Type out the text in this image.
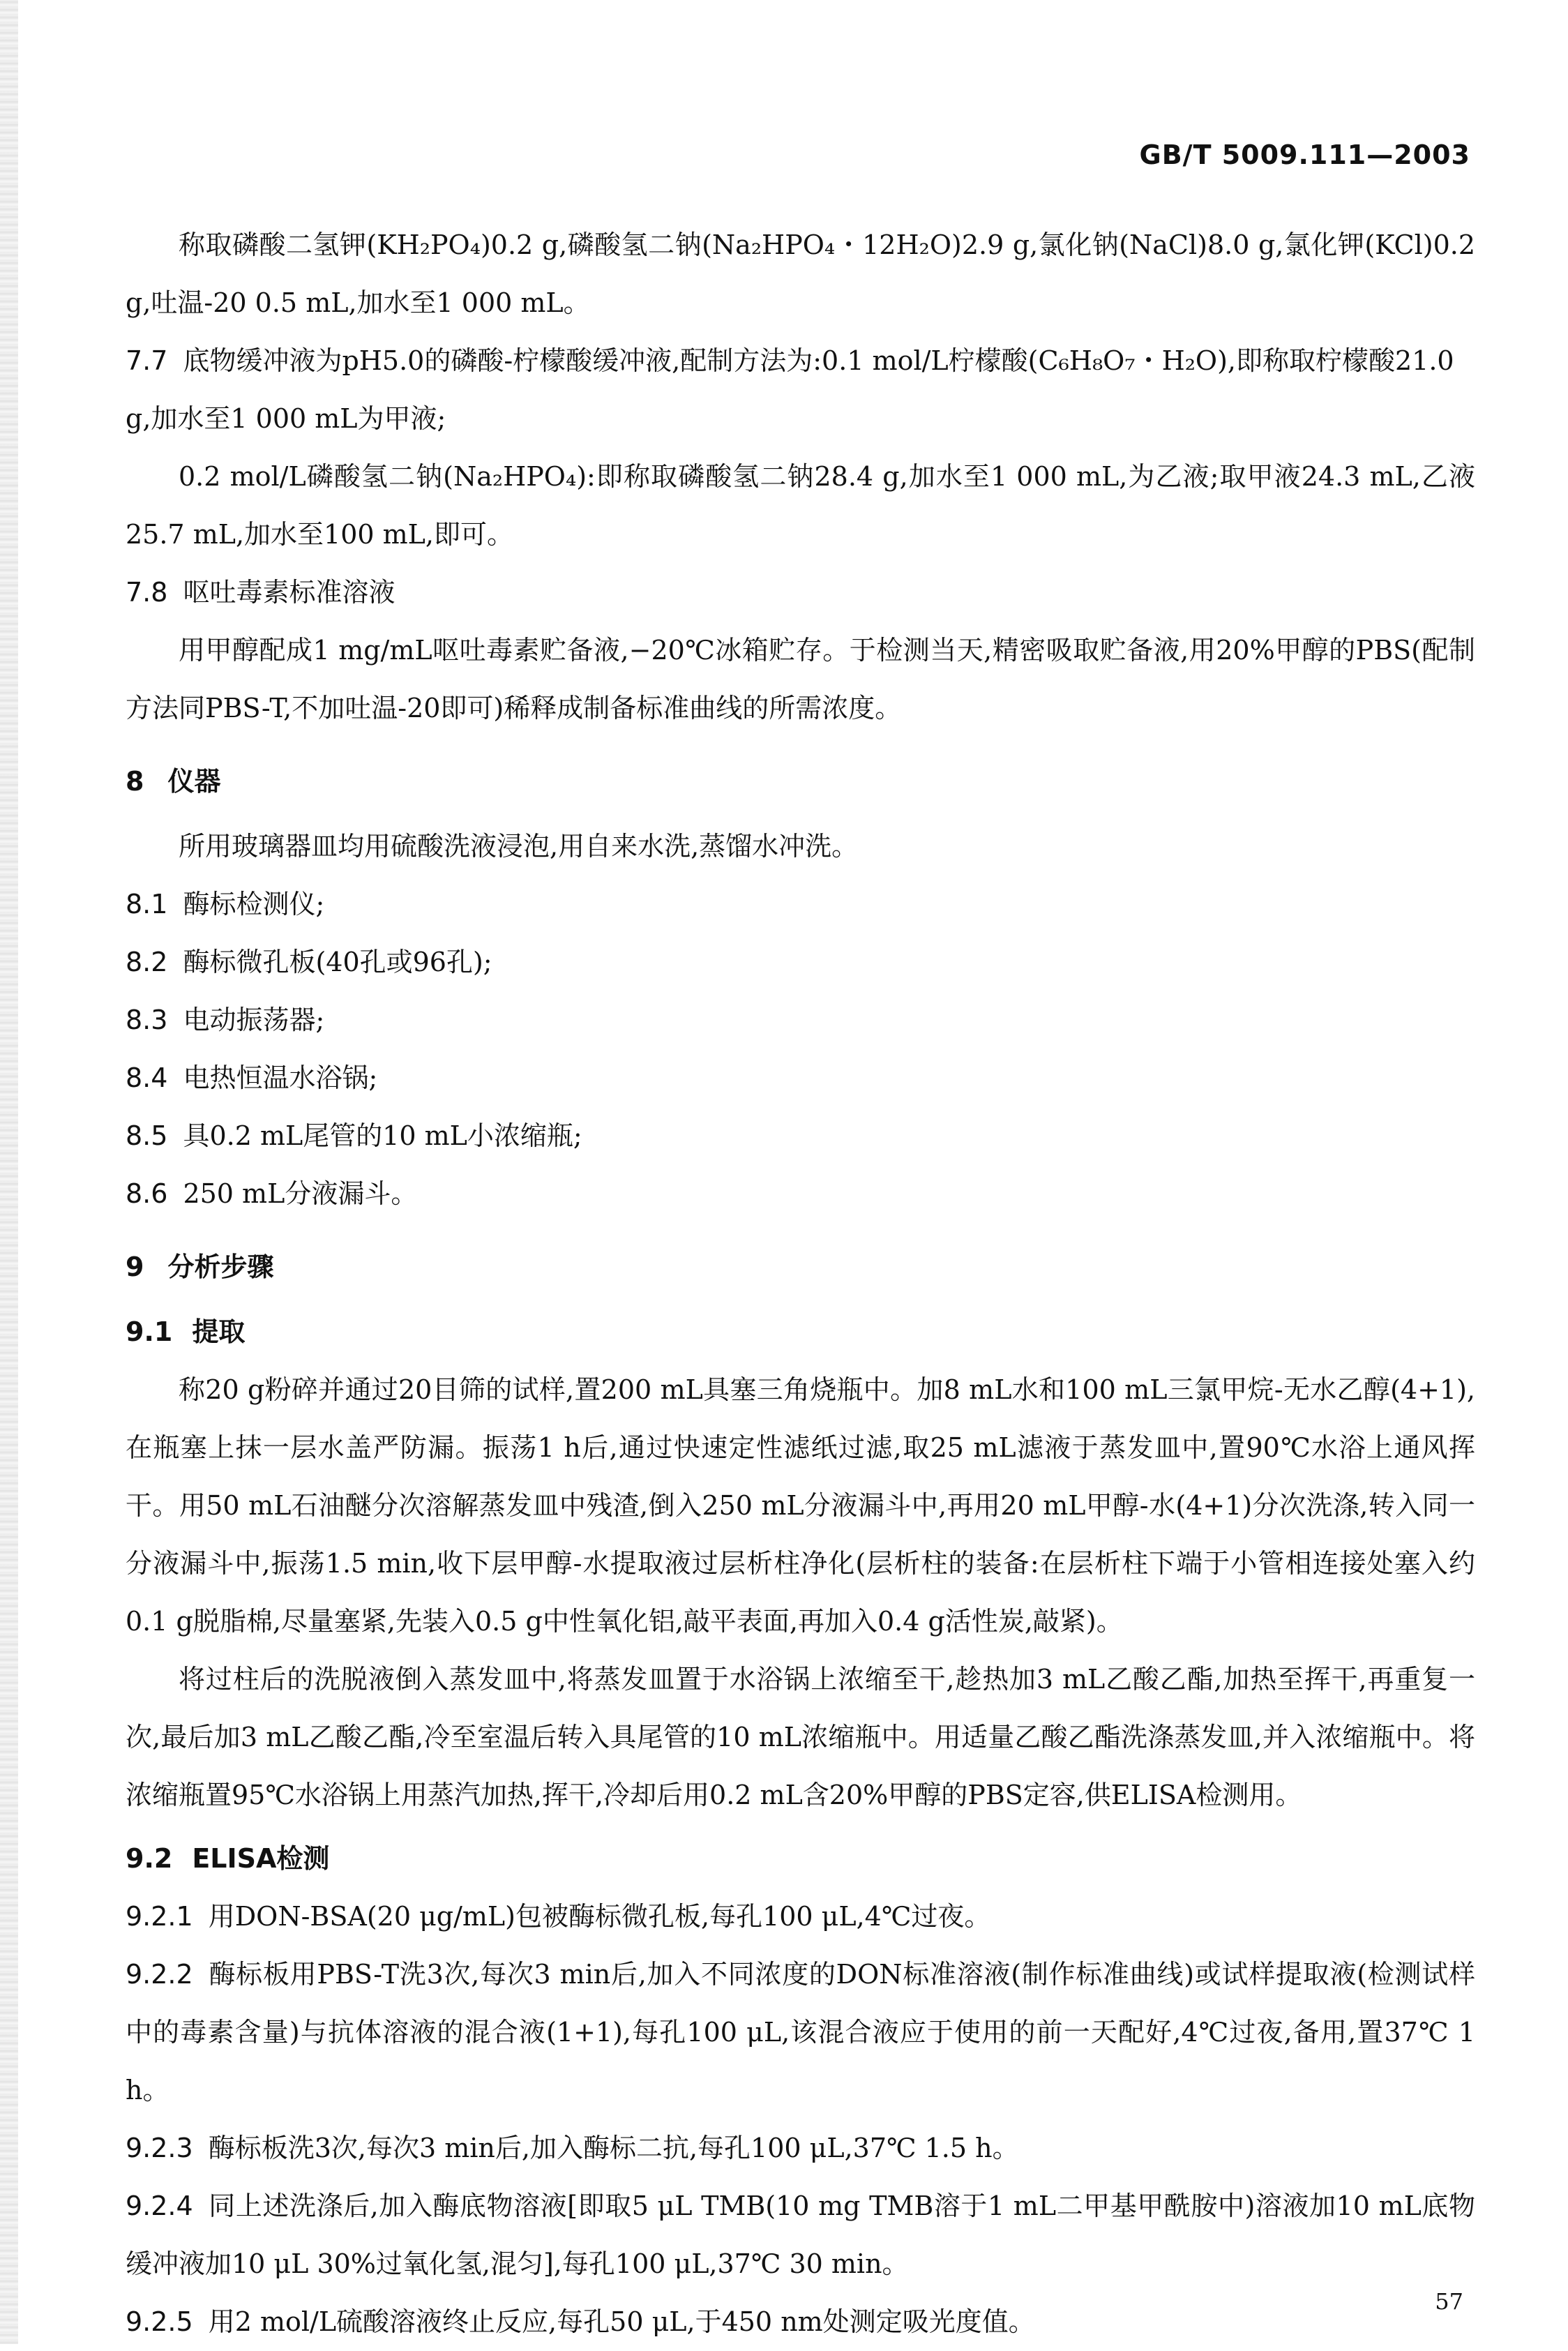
GB/T 5009.111—2003

称取磷酸二氢钾(KH₂PO₄)0.2 g,磷酸氢二钠(Na₂HPO₄・12H₂O)2.9 g,氯化钠(NaCl)8.0 g,氯化钾(KCl)0.2 g,吐温-20 0.5 mL,加水至1 000 mL。

7.7 底物缓冲液为pH5.0的磷酸-柠檬酸缓冲液,配制方法为:0.1 mol/L柠檬酸(C₆H₈O₇・H₂O),即称取柠檬酸21.0 g,加水至1 000 mL为甲液;

0.2 mol/L磷酸氢二钠(Na₂HPO₄):即称取磷酸氢二钠28.4 g,加水至1 000 mL,为乙液;取甲液24.3 mL,乙液25.7 mL,加水至100 mL,即可。

7.8 呕吐毒素标准溶液

用甲醇配成1 mg/mL呕吐毒素贮备液,−20℃冰箱贮存。于检测当天,精密吸取贮备液,用20%甲醇的PBS(配制方法同PBS-T,不加吐温-20即可)稀释成制备标准曲线的所需浓度。

8 仪器

所用玻璃器皿均用硫酸洗液浸泡,用自来水洗,蒸馏水冲洗。

8.1 酶标检测仪;

8.2 酶标微孔板(40孔或96孔);

8.3 电动振荡器;

8.4 电热恒温水浴锅;

8.5 具0.2 mL尾管的10 mL小浓缩瓶;

8.6 250 mL分液漏斗。

9 分析步骤
9.1 提取

称20 g粉碎并通过20目筛的试样,置200 mL具塞三角烧瓶中。加8 mL水和100 mL三氯甲烷-无水乙醇(4+1),在瓶塞上抹一层水盖严防漏。振荡1 h后,通过快速定性滤纸过滤,取25 mL滤液于蒸发皿中,置90℃水浴上通风挥干。用50 mL石油醚分次溶解蒸发皿中残渣,倒入250 mL分液漏斗中,再用20 mL甲醇-水(4+1)分次洗涤,转入同一分液漏斗中,振荡1.5 min,收下层甲醇-水提取液过层析柱净化(层析柱的装备:在层析柱下端于小管相连接处塞入约0.1 g脱脂棉,尽量塞紧,先装入0.5 g中性氧化铝,敲平表面,再加入0.4 g活性炭,敲紧)。

将过柱后的洗脱液倒入蒸发皿中,将蒸发皿置于水浴锅上浓缩至干,趁热加3 mL乙酸乙酯,加热至挥干,再重复一次,最后加3 mL乙酸乙酯,冷至室温后转入具尾管的10 mL浓缩瓶中。用适量乙酸乙酯洗涤蒸发皿,并入浓缩瓶中。将浓缩瓶置95℃水浴锅上用蒸汽加热,挥干,冷却后用0.2 mL含20%甲醇的PBS定容,供ELISA检测用。

9.2 ELISA检测

9.2.1 用DON-BSA(20 μg/mL)包被酶标微孔板,每孔100 μL,4℃过夜。

9.2.2 酶标板用PBS-T洗3次,每次3 min后,加入不同浓度的DON标准溶液(制作标准曲线)或试样提取液(检测试样中的毒素含量)与抗体溶液的混合液(1+1),每孔100 μL,该混合液应于使用的前一天配好,4℃过夜,备用,置37℃ 1 h。

9.2.3 酶标板洗3次,每次3 min后,加入酶标二抗,每孔100 μL,37℃ 1.5 h。

9.2.4 同上述洗涤后,加入酶底物溶液[即取5 μL TMB(10 mg TMB溶于1 mL二甲基甲酰胺中)溶液加10 mL底物缓冲液加10 μL 30%过氧化氢,混匀],每孔100 μL,37℃ 30 min。

9.2.5 用2 mol/L硫酸溶液终止反应,每孔50 μL,于450 nm处测定吸光度值。

57
